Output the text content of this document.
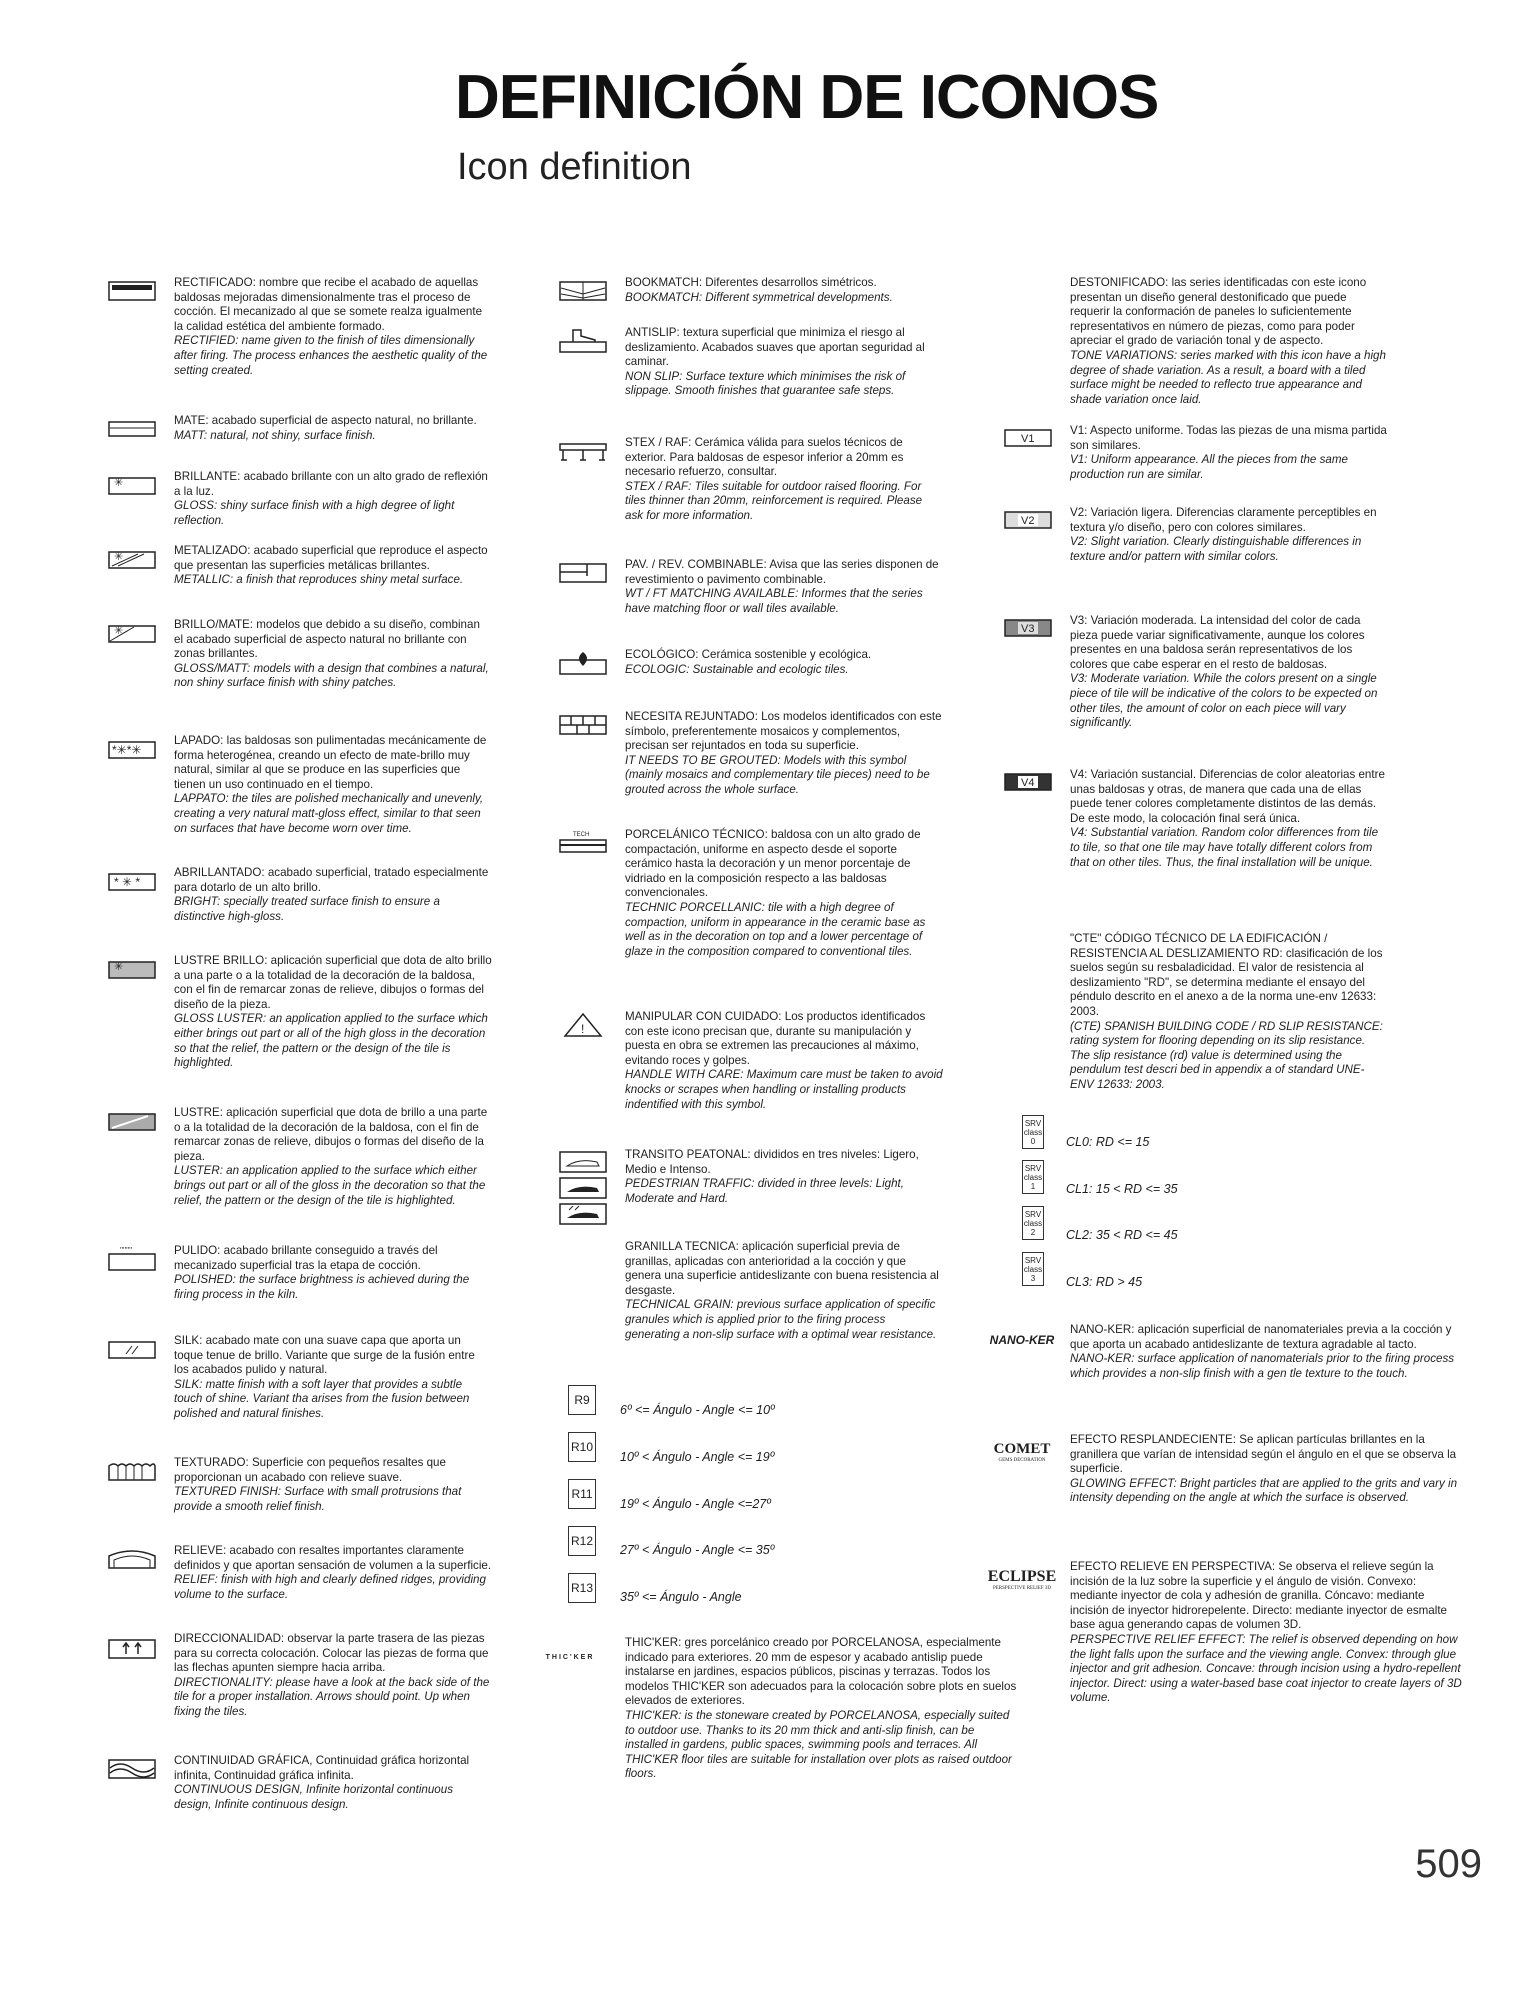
DEFINICIÓN DE ICONOS
Icon definition

RECTIFICADO: nombre que recibe el acabado de aquellas baldosas mejoradas dimensionalmente tras el proceso de cocción. El mecanizado al que se somete realza igualmente la calidad estética del ambiente formado.

RECTIFIED: name given to the finish of tiles dimensionally after firing. The process enhances the aesthetic quality of the setting created.

MATE: acabado superficial de aspecto natural, no brillante.

MATT: natural, not shiny, surface finish.

✳	BRILLANTE: acabado brillante con un alto grado de reflexión a la luz.

GLOSS: shiny surface finish with a high degree of light reflection.

✳	METALIZADO: acabado superficial que reproduce el aspecto que presentan las superficies metálicas brillantes.

METALLIC: a finish that reproduces shiny metal surface.

✳	BRILLO/MATE: modelos que debido a su diseño, combinan el acabado superficial de aspecto natural no brillante con zonas brillantes.

GLOSS/MATT: models with a design that combines a natural, non shiny surface finish with shiny patches.

*✳*✳

LAPADO: las baldosas son pulimentadas mecánicamente de forma heterogénea, creando un efecto de mate-brillo muy natural, similar al que se produce en las superficies que tienen un uso continuado en el tiempo.

LAPPATO: the tiles are polished mechanically and unevenly, creating a very natural matt-gloss effect, similar to that seen on surfaces that have become worn over time.

* ✳ *

ABRILLANTADO: acabado superficial, tratado especialmente para dotarlo de un alto brillo.

BRIGHT: specially treated surface finish to ensure a distinctive high-gloss.

✳	LUSTRE BRILLO: aplicación superficial que dota de alto brillo a una parte o a la totalidad de la decoración de la baldosa, con el fin de remarcar zonas de relieve, dibujos o formas del diseño de la pieza.

GLOSS LUSTER: an application applied to the surface which either brings out part or all of the high gloss in the decoration so that the relief, the pattern or the design of the tile is highlighted.

LUSTRE: aplicación superficial que dota de brillo a una parte o a la totalidad de la decoración de la baldosa, con el fin de remarcar zonas de relieve, dibujos o formas del diseño de la pieza.

LUSTER: an application applied to the surface which either brings out part or all of the gloss in the decoration so that the relief, the pattern or the design of the tile is highlighted.

''''''''	PULIDO: acabado brillante conseguido a través del mecanizado superficial tras la etapa de cocción.

POLISHED: the surface brightness is achieved during the firing process in the kiln.

SILK: acabado mate con una suave capa que aporta un toque tenue de brillo. Variante que surge de la fusión entre los acabados pulido y natural.

SILK: matte finish with a soft layer that provides a subtle touch of shine. Variant tha arises from the fusion between polished and natural finishes.

TEXTURADO: Superficie con pequeños resaltes que proporcionan un acabado con relieve suave.

TEXTURED FINISH: Surface with small protrusions that provide a smooth relief finish.

RELIEVE: acabado con resaltes importantes claramente definidos y que aportan sensación de volumen a la superficie.

RELIEF: finish with high and clearly defined ridges, providing volume to the surface.

DIRECCIONALIDAD: observar la parte trasera de las piezas para su correcta colocación. Colocar las piezas de forma que las flechas apunten siempre hacia arriba.

DIRECTIONALITY: please have a look at the back side of the tile for a proper installation. Arrows should point. Up when fixing the tiles.

CONTINUIDAD GRÁFICA, Continuidad gráfica horizontal infinita, Continuidad gráfica infinita.

CONTINUOUS DESIGN, Infinite horizontal continuous design, Infinite continuous design.

BOOKMATCH: Diferentes desarrollos simétricos.

BOOKMATCH: Different symmetrical developments.

ANTISLIP: textura superficial que minimiza el riesgo al deslizamiento. Acabados suaves que aportan seguridad al caminar.

NON SLIP: Surface texture which minimises the risk of slippage. Smooth finishes that guarantee safe steps.

STEX / RAF: Cerámica válida para suelos técnicos de exterior. Para baldosas de espesor inferior a 20mm es necesario refuerzo, consultar.

STEX / RAF: Tiles suitable for outdoor raised flooring. For tiles thinner than 20mm, reinforcement is required. Please ask for more information.

PAV. / REV. COMBINABLE: Avisa que las series disponen de revestimiento o pavimento combinable.

WT / FT MATCHING AVAILABLE: Informes that the series have matching floor or wall tiles available.

ECOLÓGICO: Cerámica sostenible y ecológica.

ECOLOGIC: Sustainable and ecologic tiles.

NECESITA REJUNTADO: Los modelos identificados con este símbolo, preferentemente mosaicos y complementos, precisan ser rejuntados en toda su superficie.

IT NEEDS TO BE GROUTED: Models with this symbol (mainly mosaics and complementary tile pieces) need to be grouted across the whole surface.

TECH	PORCELÁNICO TÉCNICO: baldosa con un alto grado de compactación, uniforme en aspecto desde el soporte cerámico hasta la decoración y un menor porcentaje de vidriado en la composición respecto a las baldosas convencionales.

TECHNIC PORCELLANIC: tile with a high degree of compaction, uniform in appearance in the ceramic base as well as in the decoration on top and a lower percentage of glaze in the composition compared to conventional tiles.

!

MANIPULAR CON CUIDADO: Los productos identificados con este icono precisan que, durante su manipulación y puesta en obra se extremen las precauciones al máximo, evitando roces y golpes.

HANDLE WITH CARE: Maximum care must be taken to avoid knocks or scrapes when handling or installing products indentified with this symbol.

TRANSITO PEATONAL: divididos en tres niveles: Ligero, Medio e Intenso.

PEDESTRIAN TRAFFIC: divided in three levels: Light, Moderate and Hard.

GRANILLA TECNICA: aplicación superficial previa de granillas, aplicadas con anterioridad a la cocción y que genera una superficie antideslizante con buena resistencia al desgaste.

TECHNICAL GRAIN: previous surface application of specific granules which is applied prior to the firing process generating a non-slip surface with a optimal wear resistance.

R9
6º <= Ángulo - Angle <= 10º
R10
10º < Ángulo - Angle <= 19º
R11
19º < Ángulo - Angle <=27º
R12
27º < Ángulo - Angle <= 35º
R13
35º <= Ángulo - Angle
THIC'KER

THIC'KER: gres porcelánico creado por PORCELANOSA, especialmente indicado para exteriores. 20 mm de espesor y acabado antislip puede instalarse en jardines, espacios públicos, piscinas y terrazas. Todos los modelos THIC'KER son adecuados para la colocación sobre plots en suelos elevados de exteriores.

THIC'KER: is the stoneware created by PORCELANOSA, especially suited to outdoor use. Thanks to its 20 mm thick and anti-slip finish, can be installed in gardens, public spaces, swimming pools and terraces. All THIC'KER floor tiles are suitable for installation over plots as raised outdoor floors.

DESTONIFICADO: las series identificadas con este icono presentan un diseño general destonificado que puede requerir la conformación de paneles lo suficientemente representativos en número de piezas, como para poder apreciar el grado de variación tonal y de aspecto.

TONE VARIATIONS: series marked with this icon have a high degree of shade variation. As a result, a board with a tiled surface might be needed to reflecto true appearance and shade variation once laid.

V1

V1: Aspecto uniforme. Todas las piezas de una misma partida son similares.

V1: Uniform appearance. All the pieces from the same production run are similar.

V2

V2: Variación ligera. Diferencias claramente perceptibles en textura y/o diseño, pero con colores similares.

V2: Slight variation. Clearly distinguishable differences in texture and/or pattern with similar colors.

V3

V3: Variación moderada. La intensidad del color de cada pieza puede variar significativamente, aunque los colores presentes en una baldosa serán representativos de los colores que cabe esperar en el resto de baldosas.

V3: Moderate variation. While the colors present on a single piece of tile will be indicative of the colors to be expected on other tiles, the amount of color on each piece will vary significantly.

V4

V4: Variación sustancial. Diferencias de color aleatorias entre unas baldosas y otras, de manera que cada una de ellas puede tener colores completamente distintos de las demás. De este modo, la colocación final será única.

V4: Substantial variation. Random color differences from tile to tile, so that one tile may have totally different colors from that on other tiles. Thus, the final installation will be unique.

"CTE" CÓDIGO TÉCNICO DE LA EDIFICACIÓN / RESISTENCIA AL DESLIZAMIENTO RD: clasificación de los suelos según su resbaladicidad. El valor de resistencia al deslizamiento "RD", se determina mediante el ensayo del péndulo descrito en el anexo a de la norma une-env 12633: 2003.

(CTE) SPANISH BUILDING CODE / RD SLIP RESISTANCE: rating system for flooring depending on its slip resistance. The slip resistance (rd) value is determined using the pendulum test descri bed in appendix a of standard UNE-ENV 12633: 2003.

SRV
class
0	CL0: RD <= 15
SRV
class
1	CL1: 15 < RD <= 35
SRV
class
2	CL2: 35 < RD <= 45
SRV
class
3	CL3: RD > 45
NANO-KER

NANO-KER: aplicación superficial de nanomateriales previa a la cocción y que aporta un acabado antideslizante de textura agradable al tacto.

NANO-KER: surface application of nanomaterials prior to the firing process which provides a non-slip finish with a gen tle texture to the touch.

COMET
GEMS DECORATION

EFECTO RESPLANDECIENTE: Se aplican partículas brillantes en la granillera que varían de intensidad según el ángulo en el que se observa la superficie.

GLOWING EFFECT: Bright particles that are applied to the grits and vary in intensity depending on the angle at which the surface is observed.

ECLIPSE
PERSPECTIVE RELIEF 3D

EFECTO RELIEVE EN PERSPECTIVA: Se observa el relieve según la incisión de la luz sobre la superficie y el ángulo de visión. Convexo: mediante inyector de cola y adhesión de granilla. Cóncavo: mediante incisión de inyector hidrorepelente. Directo: mediante inyector de esmalte base agua generando capas de volumen 3D.

PERSPECTIVE RELIEF EFFECT: The relief is observed depending on how the light falls upon the surface and the viewing angle. Convex: through glue injector and grit adhesion. Concave: through incision using a hydro-repellent injector. Direct: using a water-based base coat injector to create layers of 3D volume.

509
